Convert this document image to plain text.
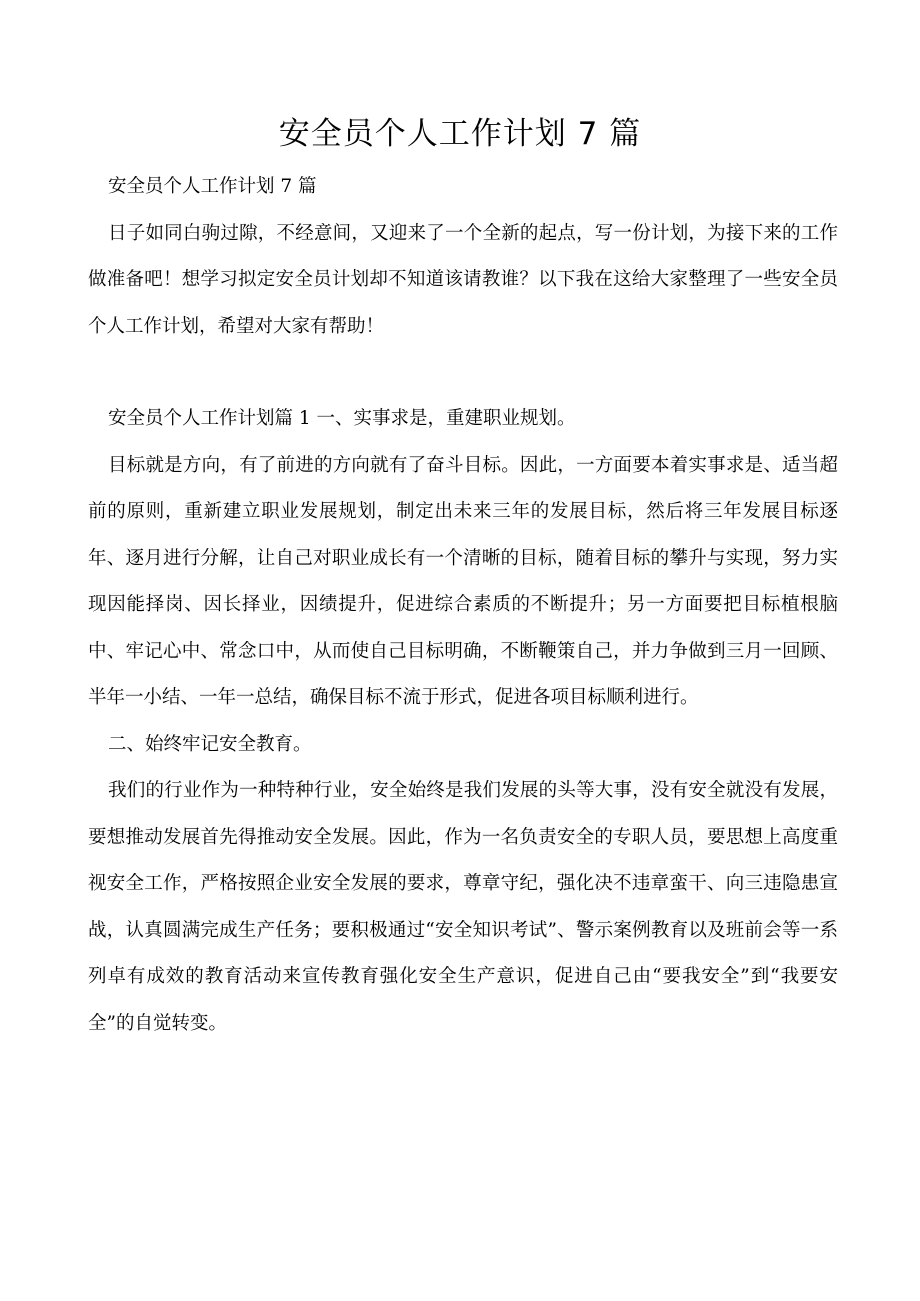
安全员个人工作计划 7 篇

安全员个人工作计划 7 篇

日子如同白驹过隙，不经意间，又迎来了一个全新的起点，写一份计划，为接下来的工作做准备吧！想学习拟定安全员计划却不知道该请教谁？以下我在这给大家整理了一些安全员个人工作计划，希望对大家有帮助！

安全员个人工作计划篇 1 一、实事求是，重建职业规划。

目标就是方向，有了前进的方向就有了奋斗目标。因此，一方面要本着实事求是、适当超前的原则，重新建立职业发展规划，制定出未来三年的发展目标，然后将三年发展目标逐年、逐月进行分解，让自己对职业成长有一个清晰的目标，随着目标的攀升与实现，努力实现因能择岗、因长择业，因绩提升，促进综合素质的不断提升；另一方面要把目标植根脑中、牢记心中、常念口中，从而使自己目标明确，不断鞭策自己，并力争做到三月一回顾、半年一小结、一年一总结，确保目标不流于形式，促进各项目标顺利进行。

二、始终牢记安全教育。

我们的行业作为一种特种行业，安全始终是我们发展的头等大事，没有安全就没有发展，要想推动发展首先得推动安全发展。因此，作为一名负责安全的专职人员，要思想上高度重视安全工作，严格按照企业安全发展的要求，尊章守纪，强化决不违章蛮干、向三违隐患宣战，认真圆满完成生产任务；要积极通过“安全知识考试”、警示案例教育以及班前会等一系列卓有成效的教育活动来宣传教育强化安全生产意识，促进自己由“要我安全”到“我要安全”的自觉转变。
